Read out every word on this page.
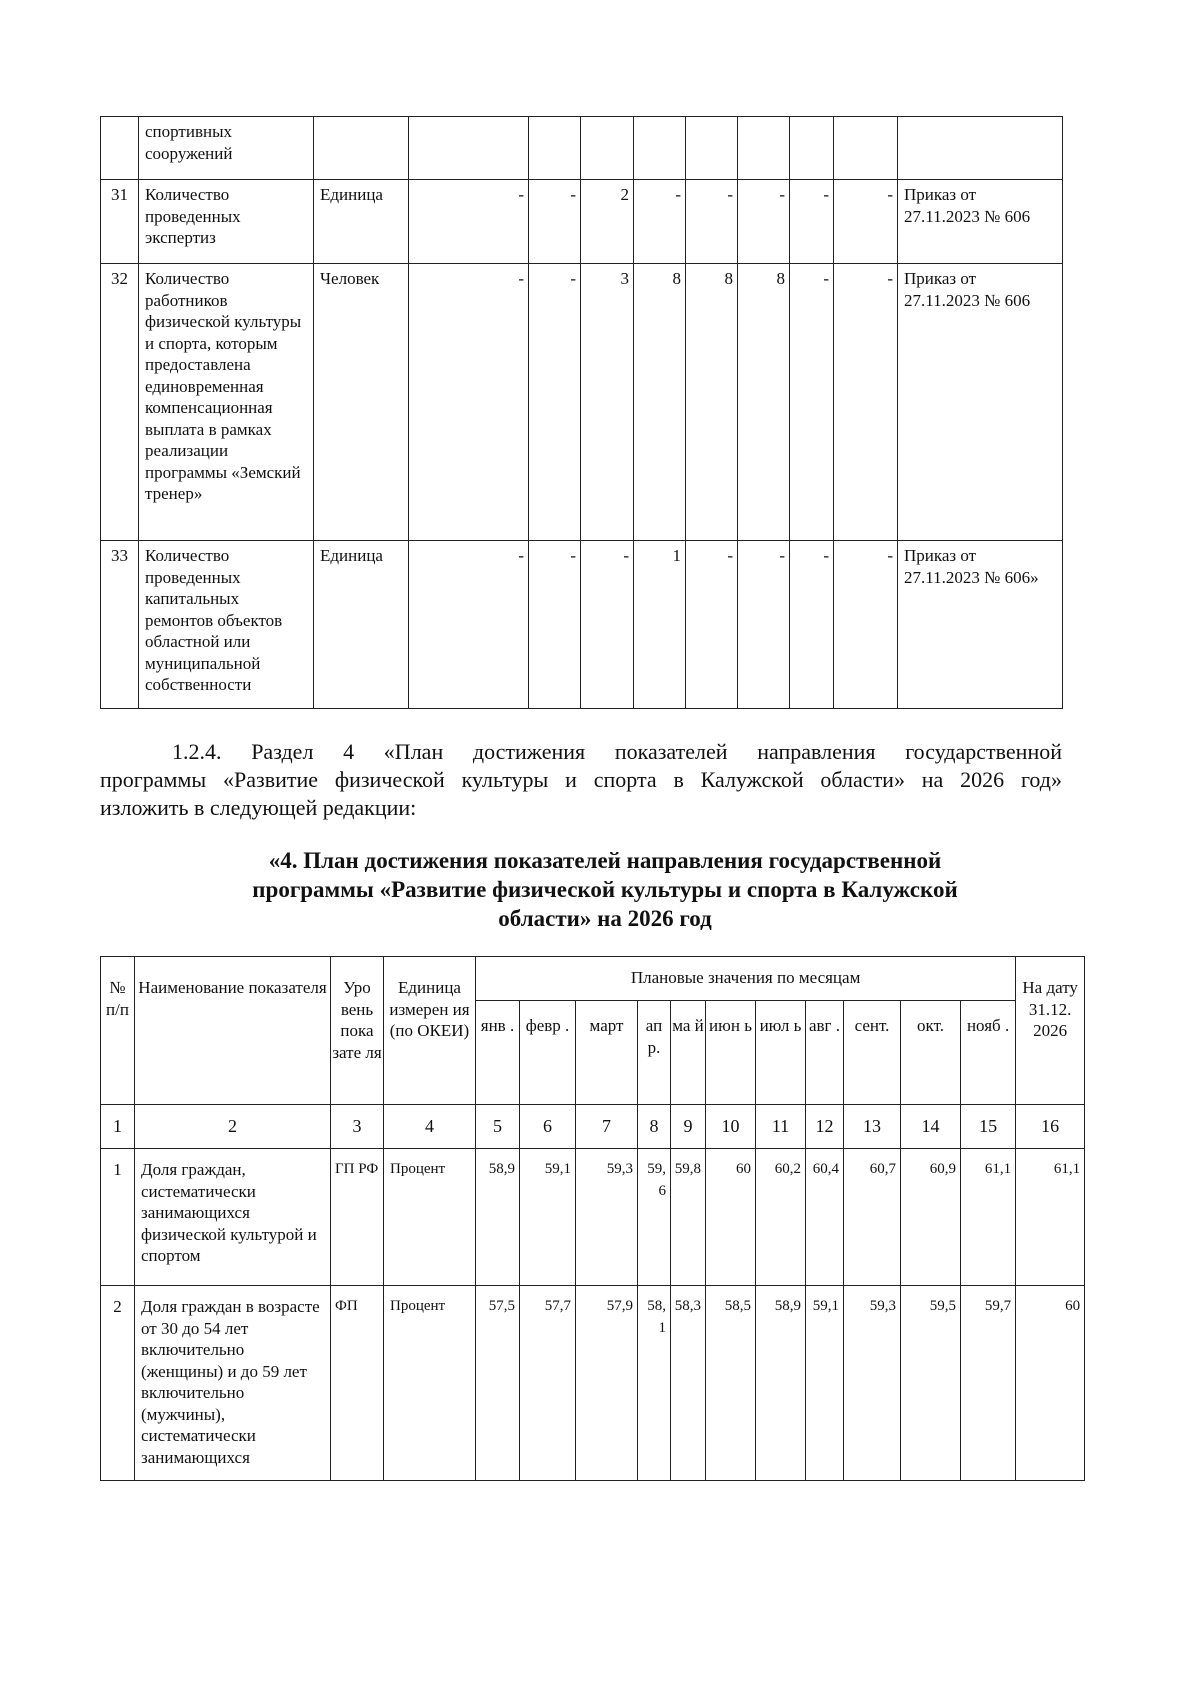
	спортивных сооружений										
31	Количество проведенных экспертиз	Единица	-	-	2	-	-	-	-	-	Приказ от 27.11.2023 № 606
32	Количество работников физической культуры и спорта, которым предоставлена единовременная компенсационная выплата в рамках реализации программы «Земский тренер»	Человек	-	-	3	8	8	8	-	-	Приказ от 27.11.2023 № 606
33	Количество проведенных капитальных ремонтов объектов областной или муниципальной собственности	Единица	-	-	-	1	-	-	-	-	Приказ от 27.11.2023 № 606»
1.2.4. Раздел 4 «План достижения показателей направления государственной
программы «Развитие физической культуры и спорта в Калужской области» на 2026 год»
изложить в следующей редакции:
«4. План достижения показателей направления государственной
программы «Развитие физической культуры и спорта в Калужской
области» на 2026 год
№ п/п	Наименование показателя	Уро вень пока зате ля	Единица измерен ия (по ОКЕИ)	Плановые значения по месяцам											На дату 31.12. 2026
				янв .	февр .	март	ап р.	ма й	июн ь	июл ь	авг .	сент.	окт.	нояб .	
1	2	3	4	5	6	7	8	9	10	11	12	13	14	15	16
1	Доля граждан, систематически занимающихся физической культурой и спортом	ГП РФ	Процент	58,9	59,1	59,3	59,6	59,8	60	60,2	60,4	60,7	60,9	61,1	61,1
2	Доля граждан в возрасте от 30 до 54 лет включительно (женщины) и до 59 лет включительно (мужчины), систематически занимающихся	ФП	Процент	57,5	57,7	57,9	58,1	58,3	58,5	58,9	59,1	59,3	59,5	59,7	60
